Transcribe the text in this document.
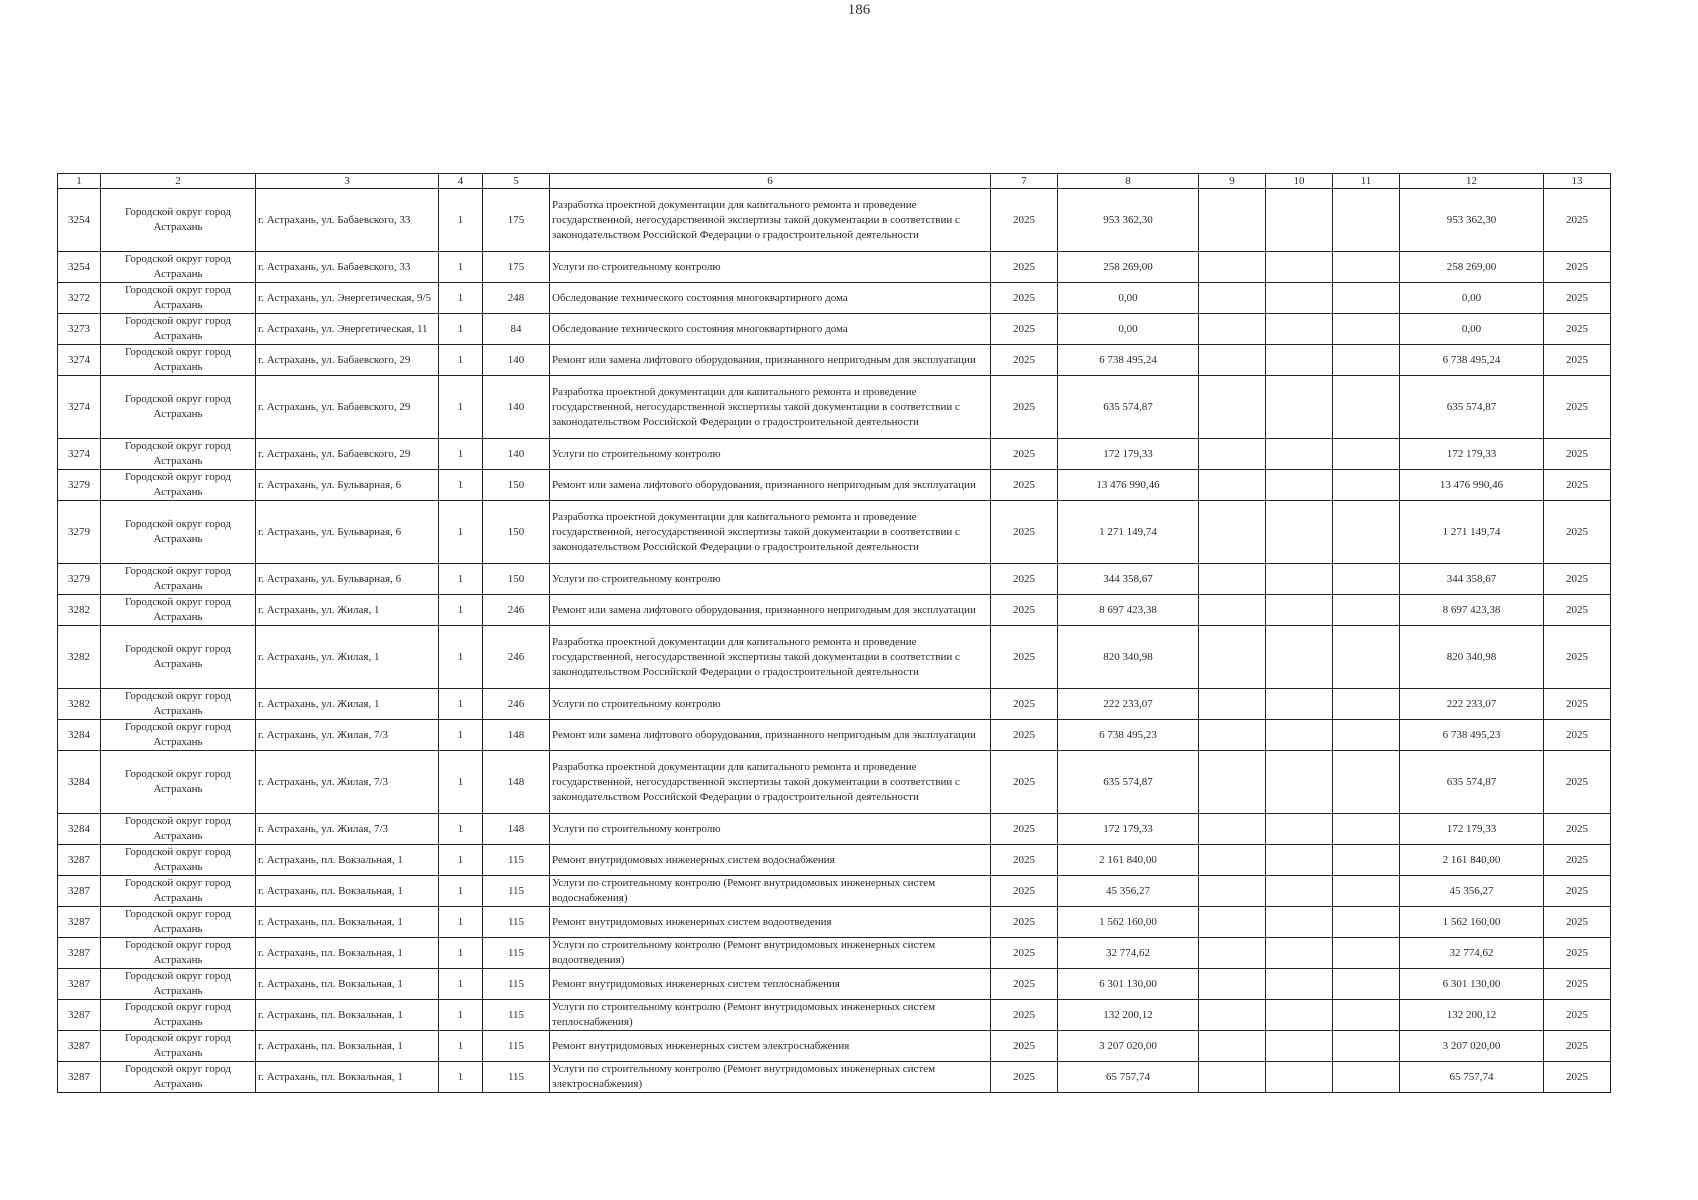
186
1	2	3	4	5	6	7	8	9	10	11	12	13
3254	Городской округ город Астрахань	г. Астрахань, ул. Бабаевского, 33	1	175	Разработка проектной документации для капитального ремонта и проведение государственной, негосударственной экспертизы такой документации в соответствии с законодательством Российской Федерации о градостроительной деятельности	2025	953 362,30				953 362,30	2025
3254	Городской округ город Астрахань	г. Астрахань, ул. Бабаевского, 33	1	175	Услуги по строительному контролю	2025	258 269,00				258 269,00	2025
3272	Городской округ город Астрахань	г. Астрахань, ул. Энергетическая, 9/5	1	248	Обследование технического состояния многоквартирного дома	2025	0,00				0,00	2025
3273	Городской округ город Астрахань	г. Астрахань, ул. Энергетическая, 11	1	84	Обследование технического состояния многоквартирного дома	2025	0,00				0,00	2025
3274	Городской округ город Астрахань	г. Астрахань, ул. Бабаевского, 29	1	140	Ремонт или замена лифтового оборудования, признанного непригодным для эксплуатации	2025	6 738 495,24				6 738 495,24	2025
3274	Городской округ город Астрахань	г. Астрахань, ул. Бабаевского, 29	1	140	Разработка проектной документации для капитального ремонта и проведение государственной, негосударственной экспертизы такой документации в соответствии с законодательством Российской Федерации о градостроительной деятельности	2025	635 574,87				635 574,87	2025
3274	Городской округ город Астрахань	г. Астрахань, ул. Бабаевского, 29	1	140	Услуги по строительному контролю	2025	172 179,33				172 179,33	2025
3279	Городской округ город Астрахань	г. Астрахань, ул. Бульварная, 6	1	150	Ремонт или замена лифтового оборудования, признанного непригодным для эксплуатации	2025	13 476 990,46				13 476 990,46	2025
3279	Городской округ город Астрахань	г. Астрахань, ул. Бульварная, 6	1	150	Разработка проектной документации для капитального ремонта и проведение государственной, негосударственной экспертизы такой документации в соответствии с законодательством Российской Федерации о градостроительной деятельности	2025	1 271 149,74				1 271 149,74	2025
3279	Городской округ город Астрахань	г. Астрахань, ул. Бульварная, 6	1	150	Услуги по строительному контролю	2025	344 358,67				344 358,67	2025
3282	Городской округ город Астрахань	г. Астрахань, ул. Жилая, 1	1	246	Ремонт или замена лифтового оборудования, признанного непригодным для эксплуатации	2025	8 697 423,38				8 697 423,38	2025
3282	Городской округ город Астрахань	г. Астрахань, ул. Жилая, 1	1	246	Разработка проектной документации для капитального ремонта и проведение государственной, негосударственной экспертизы такой документации в соответствии с законодательством Российской Федерации о градостроительной деятельности	2025	820 340,98				820 340,98	2025
3282	Городской округ город Астрахань	г. Астрахань, ул. Жилая, 1	1	246	Услуги по строительному контролю	2025	222 233,07				222 233,07	2025
3284	Городской округ город Астрахань	г. Астрахань, ул. Жилая, 7/3	1	148	Ремонт или замена лифтового оборудования, признанного непригодным для эксплуатации	2025	6 738 495,23				6 738 495,23	2025
3284	Городской округ город Астрахань	г. Астрахань, ул. Жилая, 7/3	1	148	Разработка проектной документации для капитального ремонта и проведение государственной, негосударственной экспертизы такой документации в соответствии с законодательством Российской Федерации о градостроительной деятельности	2025	635 574,87				635 574,87	2025
3284	Городской округ город Астрахань	г. Астрахань, ул. Жилая, 7/3	1	148	Услуги по строительному контролю	2025	172 179,33				172 179,33	2025
3287	Городской округ город Астрахань	г. Астрахань, пл. Вокзальная, 1	1	115	Ремонт внутридомовых инженерных систем водоснабжения	2025	2 161 840,00				2 161 840,00	2025
3287	Городской округ город Астрахань	г. Астрахань, пл. Вокзальная, 1	1	115	Услуги по строительному контролю (Ремонт внутридомовых инженерных систем водоснабжения)	2025	45 356,27				45 356,27	2025
3287	Городской округ город Астрахань	г. Астрахань, пл. Вокзальная, 1	1	115	Ремонт внутридомовых инженерных систем водоотведения	2025	1 562 160,00				1 562 160,00	2025
3287	Городской округ город Астрахань	г. Астрахань, пл. Вокзальная, 1	1	115	Услуги по строительному контролю (Ремонт внутридомовых инженерных систем водоотведения)	2025	32 774,62				32 774,62	2025
3287	Городской округ город Астрахань	г. Астрахань, пл. Вокзальная, 1	1	115	Ремонт внутридомовых инженерных систем теплоснабжения	2025	6 301 130,00				6 301 130,00	2025
3287	Городской округ город Астрахань	г. Астрахань, пл. Вокзальная, 1	1	115	Услуги по строительному контролю (Ремонт внутридомовых инженерных систем теплоснабжения)	2025	132 200,12				132 200,12	2025
3287	Городской округ город Астрахань	г. Астрахань, пл. Вокзальная, 1	1	115	Ремонт внутридомовых инженерных систем электроснабжения	2025	3 207 020,00				3 207 020,00	2025
3287	Городской округ город Астрахань	г. Астрахань, пл. Вокзальная, 1	1	115	Услуги по строительному контролю (Ремонт внутридомовых инженерных систем электроснабжения)	2025	65 757,74				65 757,74	2025
